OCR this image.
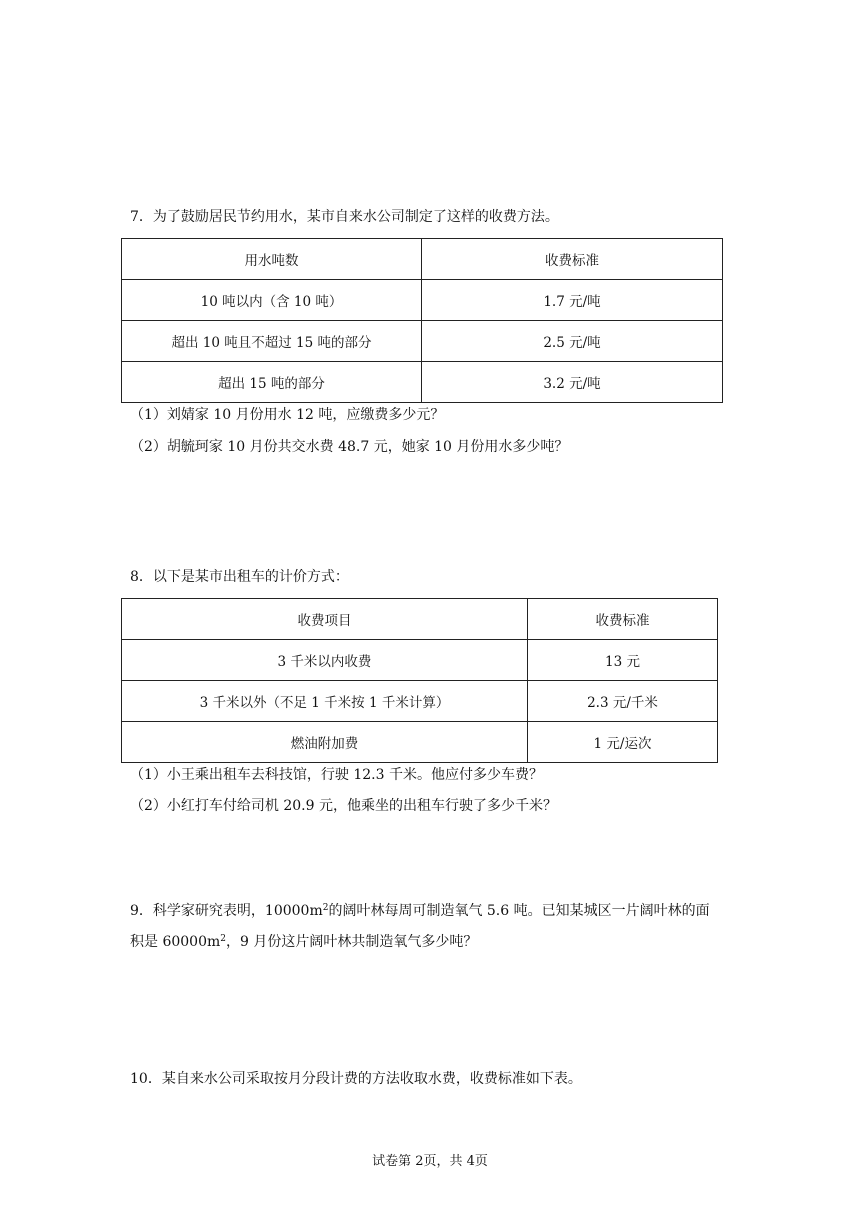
7．为了鼓励居民节约用水，某市自来水公司制定了这样的收费方法。
用水吨数	收费标准
10 吨以内（含 10 吨）	1.7 元/吨
超出 10 吨且不超过 15 吨的部分	2.5 元/吨
超出 15 吨的部分	3.2 元/吨
（1）刘婧家 10 月份用水 12 吨，应缴费多少元？
（2）胡毓珂家 10 月份共交水费 48.7 元，她家 10 月份用水多少吨？
8．以下是某市出租车的计价方式：
收费项目	收费标准
3 千米以内收费	13 元
3 千米以外（不足 1 千米按 1 千米计算）	2.3 元/千米
燃油附加费	1 元/运次
（1）小王乘出租车去科技馆，行驶 12.3 千米。他应付多少车费？
（2）小红打车付给司机 20.9 元，他乘坐的出租车行驶了多少千米？
9．科学家研究表明，$10000m^2$的阔叶林每周可制造氧气 5.6 吨。已知某城区一片阔叶林的面
积是 $60000m^2$，9 月份这片阔叶林共制造氧气多少吨？
10．某自来水公司采取按月分段计费的方法收取水费，收费标准如下表。
试卷第 2页，共 4页
